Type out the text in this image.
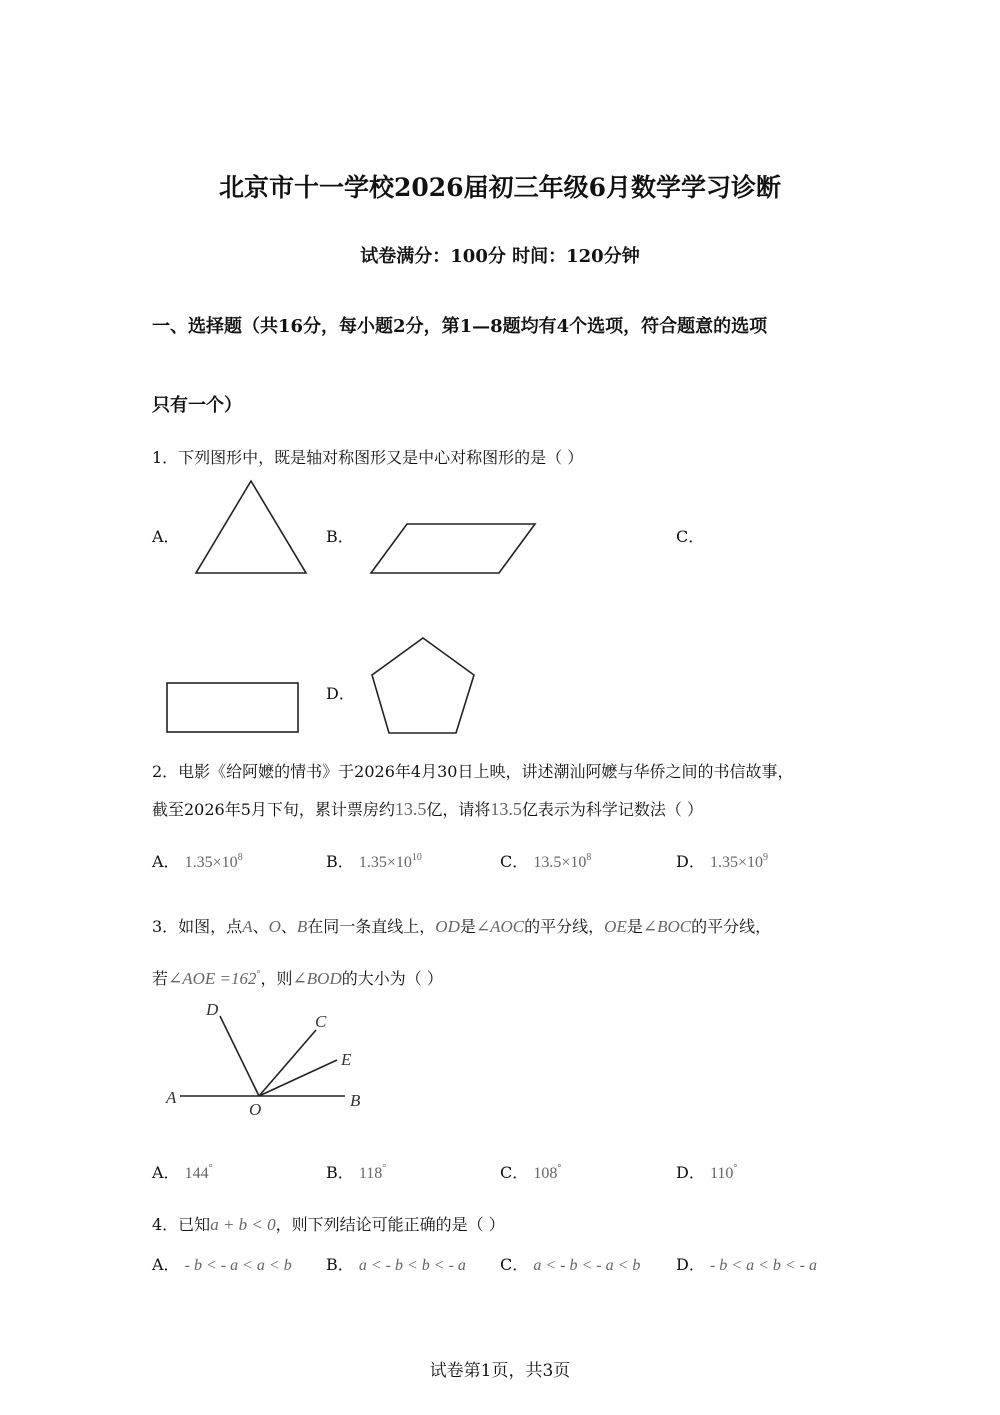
北京市十一学校2026届初三年级6月数学学习诊断
试卷满分：100分 时间：120分钟
一、选择题（共16分，每小题2分，第1—8题均有4个选项，符合题意的选项
只有一个）
1．下列图形中，既是轴对称图形又是中心对称图形的是（ ）
A．	B．	C．
D．
2．电影《给阿嬷的情书》于2026年4月30日上映，讲述潮汕阿嬷与华侨之间的书信故事，
截至2026年5月下旬，累计票房约13.5亿，请将13.5亿表示为科学记数法（ ）
A． $1.35\times 10^8$	B． $1.35\times 10^{10}$	C． $13.5\times 10^8$	D． $1.35\times 10^9$
3．如图，点A、O、B在同一条直线上，OD是∠AOC的平分线，OE是∠BOC的平分线，
若∠AOE =162°，则∠BOD的大小为（ ）
D
C
E
A
O	B
A． 144°	B． 118°	C． 108°	D． 110°
4．已知a + b < 0，则下列结论可能正确的是（ ）
A． - b < - a < a < b B． a < - b < b < - a C． a < - b < - a < b D． - b < a < b < - a
试卷第1页，共3页
